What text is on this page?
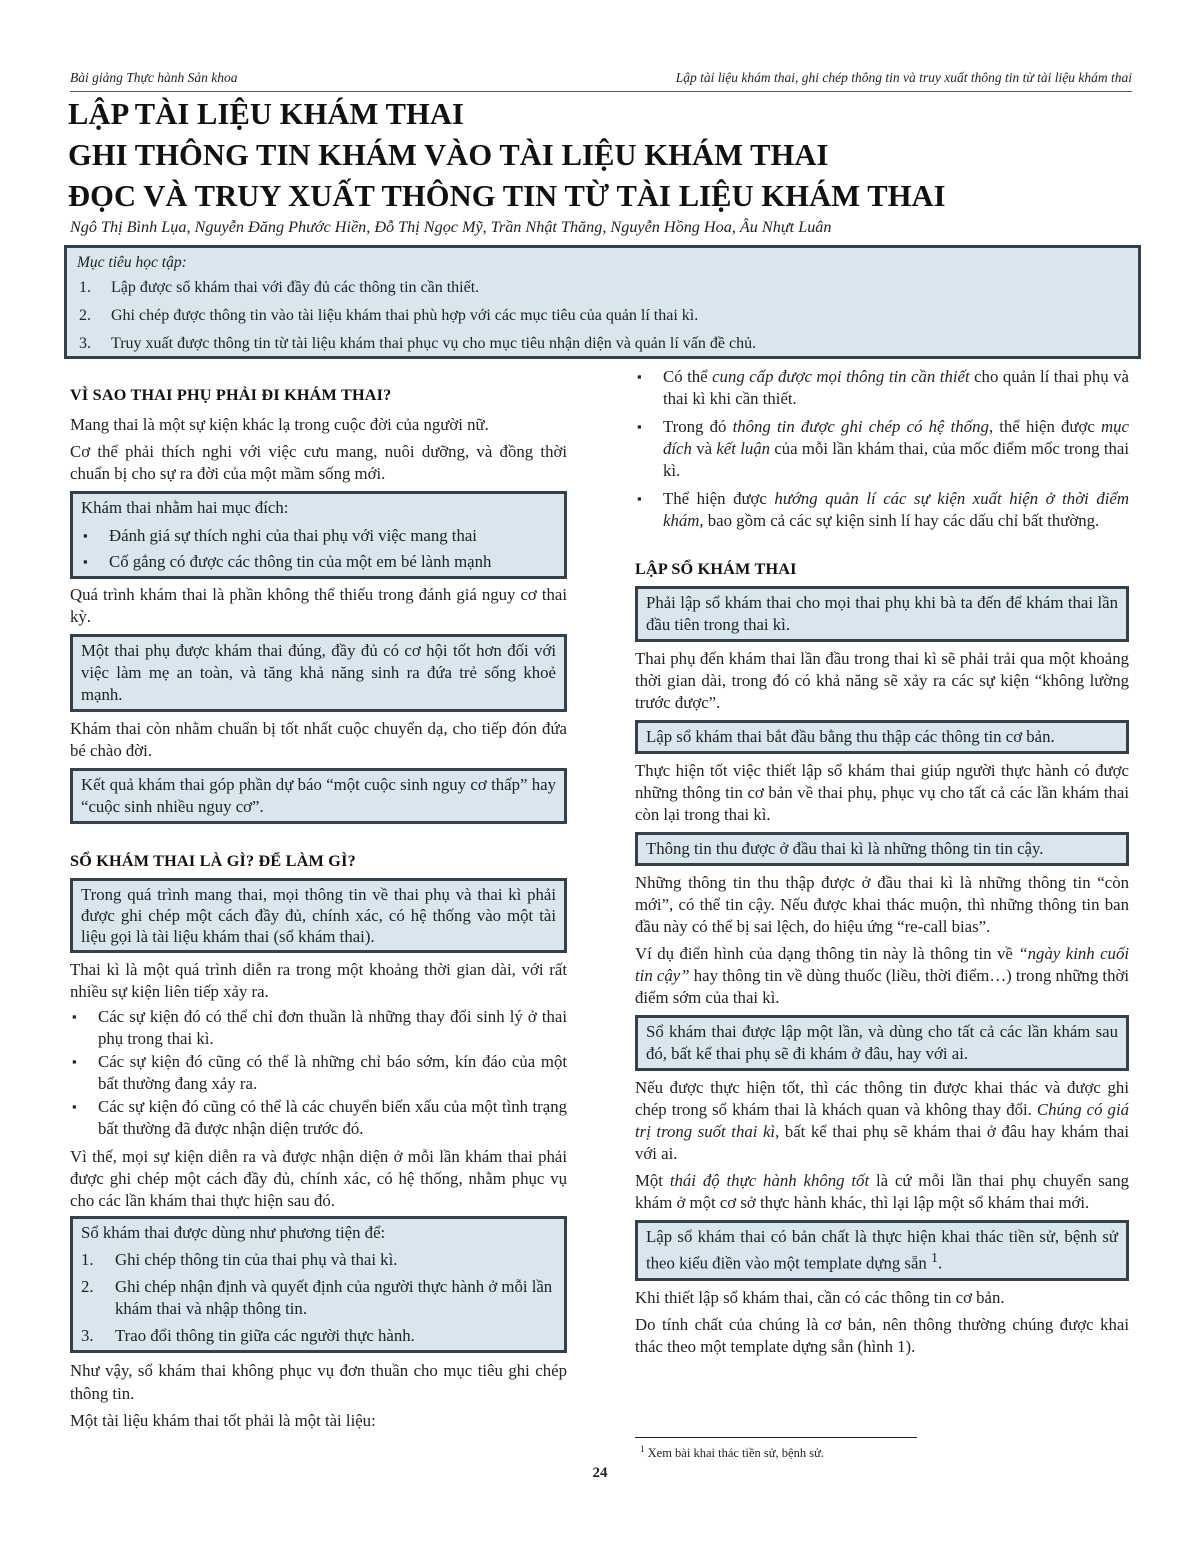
Bài giảng Thực hành Sản khoa	Lập tài liệu khám thai, ghi chép thông tin và truy xuất thông tin từ tài liệu khám thai
LẬP TÀI LIỆU KHÁM THAI
GHI THÔNG TIN KHÁM VÀO TÀI LIỆU KHÁM THAI
ĐỌC VÀ TRUY XUẤT THÔNG TIN TỪ TÀI LIỆU KHÁM THAI
Ngô Thị Bình Lụa, Nguyễn Đăng Phước Hiền, Đỗ Thị Ngọc Mỹ, Trần Nhật Thăng, Nguyễn Hồng Hoa, Âu Nhựt Luân
Mục tiêu học tập:
1.	Lập được sổ khám thai với đầy đủ các thông tin cần thiết.
2.	Ghi chép được thông tin vào tài liệu khám thai phù hợp với các mục tiêu của quản lí thai kì.
3.	Truy xuất được thông tin từ tài liệu khám thai phục vụ cho mục tiêu nhận diện và quản lí vấn đề chủ.
VÌ SAO THAI PHỤ PHẢI ĐI KHÁM THAI?
Mang thai là một sự kiện khác lạ trong cuộc đời của người nữ.
Cơ thể phải thích nghi với việc cưu mang, nuôi dưỡng, và đồng thời chuẩn bị cho sự ra đời của một mầm sống mới.
Khám thai nhằm hai mục đích:
▪	Đánh giá sự thích nghi của thai phụ với việc mang thai
▪	Cố gắng có được các thông tin của một em bé lành mạnh
Quá trình khám thai là phần không thể thiếu trong đánh giá nguy cơ thai kỳ.
Một thai phụ được khám thai đúng, đầy đủ có cơ hội tốt hơn đối với việc làm mẹ an toàn, và tăng khả năng sinh ra đứa trẻ sống khoẻ mạnh.
Khám thai còn nhằm chuẩn bị tốt nhất cuộc chuyển dạ, cho tiếp đón đứa bé chào đời.
Kết quả khám thai góp phần dự báo “một cuộc sinh nguy cơ thấp” hay “cuộc sinh nhiều nguy cơ”.
SỔ KHÁM THAI LÀ GÌ? ĐỂ LÀM GÌ?
Trong quá trình mang thai, mọi thông tin về thai phụ và thai kì phải được ghi chép một cách đầy đủ, chính xác, có hệ thống vào một tài liệu gọi là tài liệu khám thai (sổ khám thai).
Thai kì là một quá trình diễn ra trong một khoảng thời gian dài, với rất nhiều sự kiện liên tiếp xảy ra.
▪	Các sự kiện đó có thể chỉ đơn thuần là những thay đổi sinh lý ở thai phụ trong thai kì.
▪	Các sự kiện đó cũng có thể là những chỉ báo sớm, kín đáo của một bất thường đang xảy ra.
▪	Các sự kiện đó cũng có thể là các chuyển biến xấu của một tình trạng bất thường đã được nhận diện trước đó.
Vì thế, mọi sự kiện diễn ra và được nhận diện ở mỗi lần khám thai phải được ghi chép một cách đầy đủ, chính xác, có hệ thống, nhằm phục vụ cho các lần khám thai thực hiện sau đó.
Sổ khám thai được dùng như phương tiện để:
1.	Ghi chép thông tin của thai phụ và thai kì.
2.	Ghi chép nhận định và quyết định của người thực hành ở mỗi lần khám thai và nhập thông tin.
3.	Trao đổi thông tin giữa các người thực hành.
Như vậy, sổ khám thai không phục vụ đơn thuần cho mục tiêu ghi chép thông tin.
Một tài liệu khám thai tốt phải là một tài liệu:
▪	Có thể cung cấp được mọi thông tin cần thiết cho quản lí thai phụ và thai kì khi cần thiết.
▪	Trong đó thông tin được ghi chép có hệ thống, thể hiện được mục đích và kết luận của mỗi lần khám thai, của mốc điểm mốc trong thai kì.
▪	Thể hiện được hướng quản lí các sự kiện xuất hiện ở thời điểm khám, bao gồm cả các sự kiện sinh lí hay các dấu chỉ bất thường.
LẬP SỔ KHÁM THAI
Phải lập sổ khám thai cho mọi thai phụ khi bà ta đến để khám thai lần đầu tiên trong thai kì.
Thai phụ đến khám thai lần đầu trong thai kì sẽ phải trải qua một khoảng thời gian dài, trong đó có khả năng sẽ xảy ra các sự kiện “không lường trước được”.
Lập sổ khám thai bắt đầu bằng thu thập các thông tin cơ bản.
Thực hiện tốt việc thiết lập sổ khám thai giúp người thực hành có được những thông tin cơ bản về thai phụ, phục vụ cho tất cả các lần khám thai còn lại trong thai kì.
Thông tin thu được ở đầu thai kì là những thông tin tin cậy.
Những thông tin thu thập được ở đầu thai kì là những thông tin “còn mới”, có thể tin cậy. Nếu được khai thác muộn, thì những thông tin ban đầu này có thể bị sai lệch, do hiệu ứng “re-call bias”.
Ví dụ điển hình của dạng thông tin này là thông tin về “ngày kinh cuối tin cậy” hay thông tin về dùng thuốc (liều, thời điểm…) trong những thời điểm sớm của thai kì.
Sổ khám thai được lập một lần, và dùng cho tất cả các lần khám sau đó, bất kể thai phụ sẽ đi khám ở đâu, hay với ai.
Nếu được thực hiện tốt, thì các thông tin được khai thác và được ghi chép trong sổ khám thai là khách quan và không thay đổi. Chúng có giá trị trong suốt thai kì, bất kể thai phụ sẽ khám thai ở đâu hay khám thai với ai.
Một thái độ thực hành không tốt là cứ mỗi lần thai phụ chuyển sang khám ở một cơ sở thực hành khác, thì lại lập một sổ khám thai mới.
Lập sổ khám thai có bản chất là thực hiện khai thác tiền sử, bệnh sử theo kiểu điền vào một template dựng sẵn $^1$.
Khi thiết lập sổ khám thai, cần có các thông tin cơ bản.
Do tính chất của chúng là cơ bản, nên thông thường chúng được khai thác theo một template dựng sẵn (hình 1).
$^1$ Xem bài khai thác tiền sử, bệnh sử.
24
